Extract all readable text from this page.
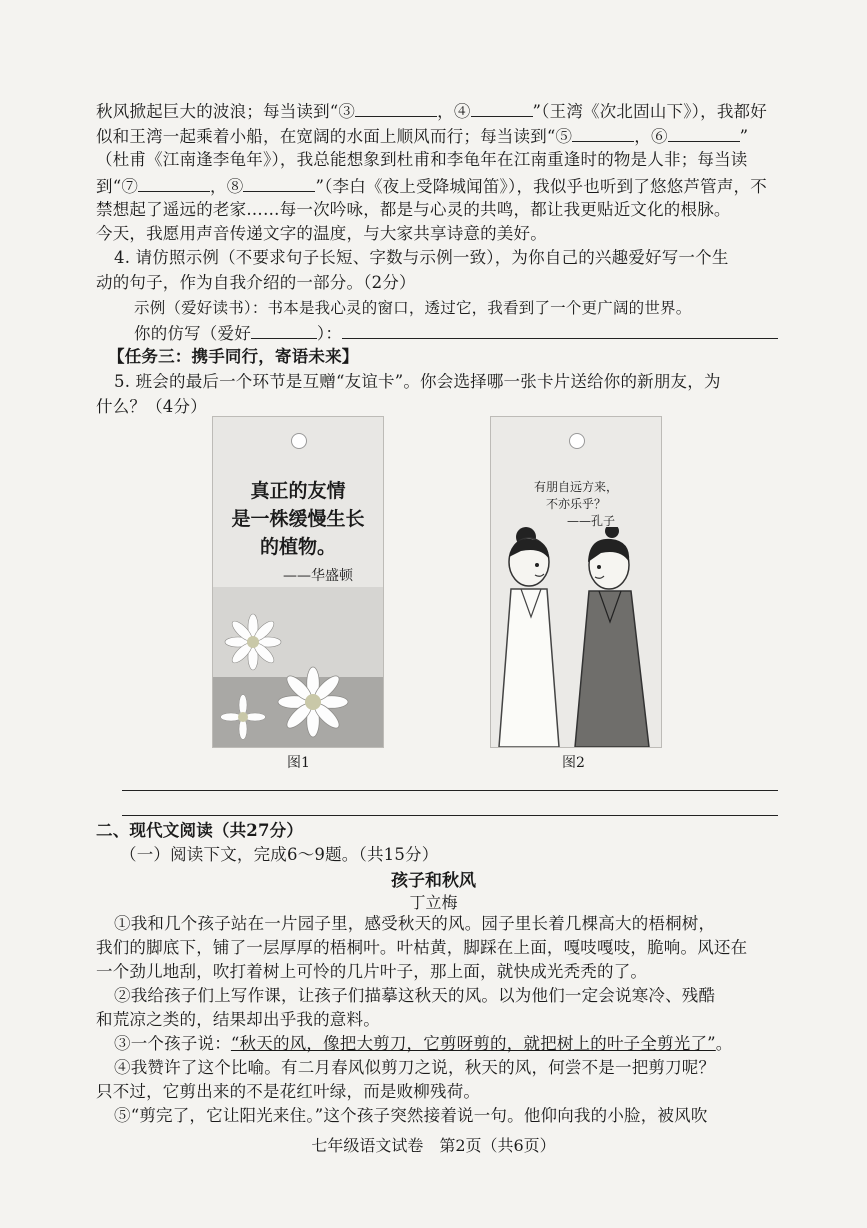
秋风掀起巨大的波浪；每当读到“③	，④	”（王湾《次北固山下》），我都好
似和王湾一起乘着小船，在宽阔的水面上顺风而行；每当读到“⑤	，⑥	”
（杜甫《江南逢李龟年》），我总能想象到杜甫和李龟年在江南重逢时的物是人非；每当读
到“⑦	，⑧	”（李白《夜上受降城闻笛》），我似乎也听到了悠悠芦管声，不
禁想起了遥远的老家……每一次吟咏，都是与心灵的共鸣，都让我更贴近文化的根脉。
今天，我愿用声音传递文字的温度，与大家共享诗意的美好。
4. 请仿照示例（不要求句子长短、字数与示例一致），为你自己的兴趣爱好写一个生
动的句子，作为自我介绍的一部分。（2分）
示例（爱好读书）：书本是我心灵的窗口，透过它，我看到了一个更广阔的世界。
你的仿写（爱好	）：
【任务三：携手同行，寄语未来】
5. 班会的最后一个环节是互赠“友谊卡”。你会选择哪一张卡片送给你的新朋友，为
什么？（4分）
真正的友情
是一株缓慢生长
的植物。
——华盛顿
图1
有朋自远方来，
不亦乐乎？
——孔子
图2
二、现代文阅读（共27分）
（一）阅读下文，完成6～9题。（共15分）
孩子和秋风
丁立梅
①我和几个孩子站在一片园子里，感受秋天的风。园子里长着几棵高大的梧桐树，
我们的脚底下，铺了一层厚厚的梧桐叶。叶枯黄，脚踩在上面，嘎吱嘎吱，脆响。风还在
一个劲儿地刮，吹打着树上可怜的几片叶子，那上面，就快成光秃秃的了。
②我给孩子们上写作课，让孩子们描摹这秋天的风。以为他们一定会说寒冷、残酷
和荒凉之类的，结果却出乎我的意料。
③一个孩子说：“秋天的风，像把大剪刀，它剪呀剪的，就把树上的叶子全剪光了”。
④我赞许了这个比喻。有二月春风似剪刀之说，秋天的风，何尝不是一把剪刀呢？
只不过，它剪出来的不是花红叶绿，而是败柳残荷。
⑤“剪完了，它让阳光来住。”这个孩子突然接着说一句。他仰向我的小脸，被风吹
七年级语文试卷　第2页（共6页）
